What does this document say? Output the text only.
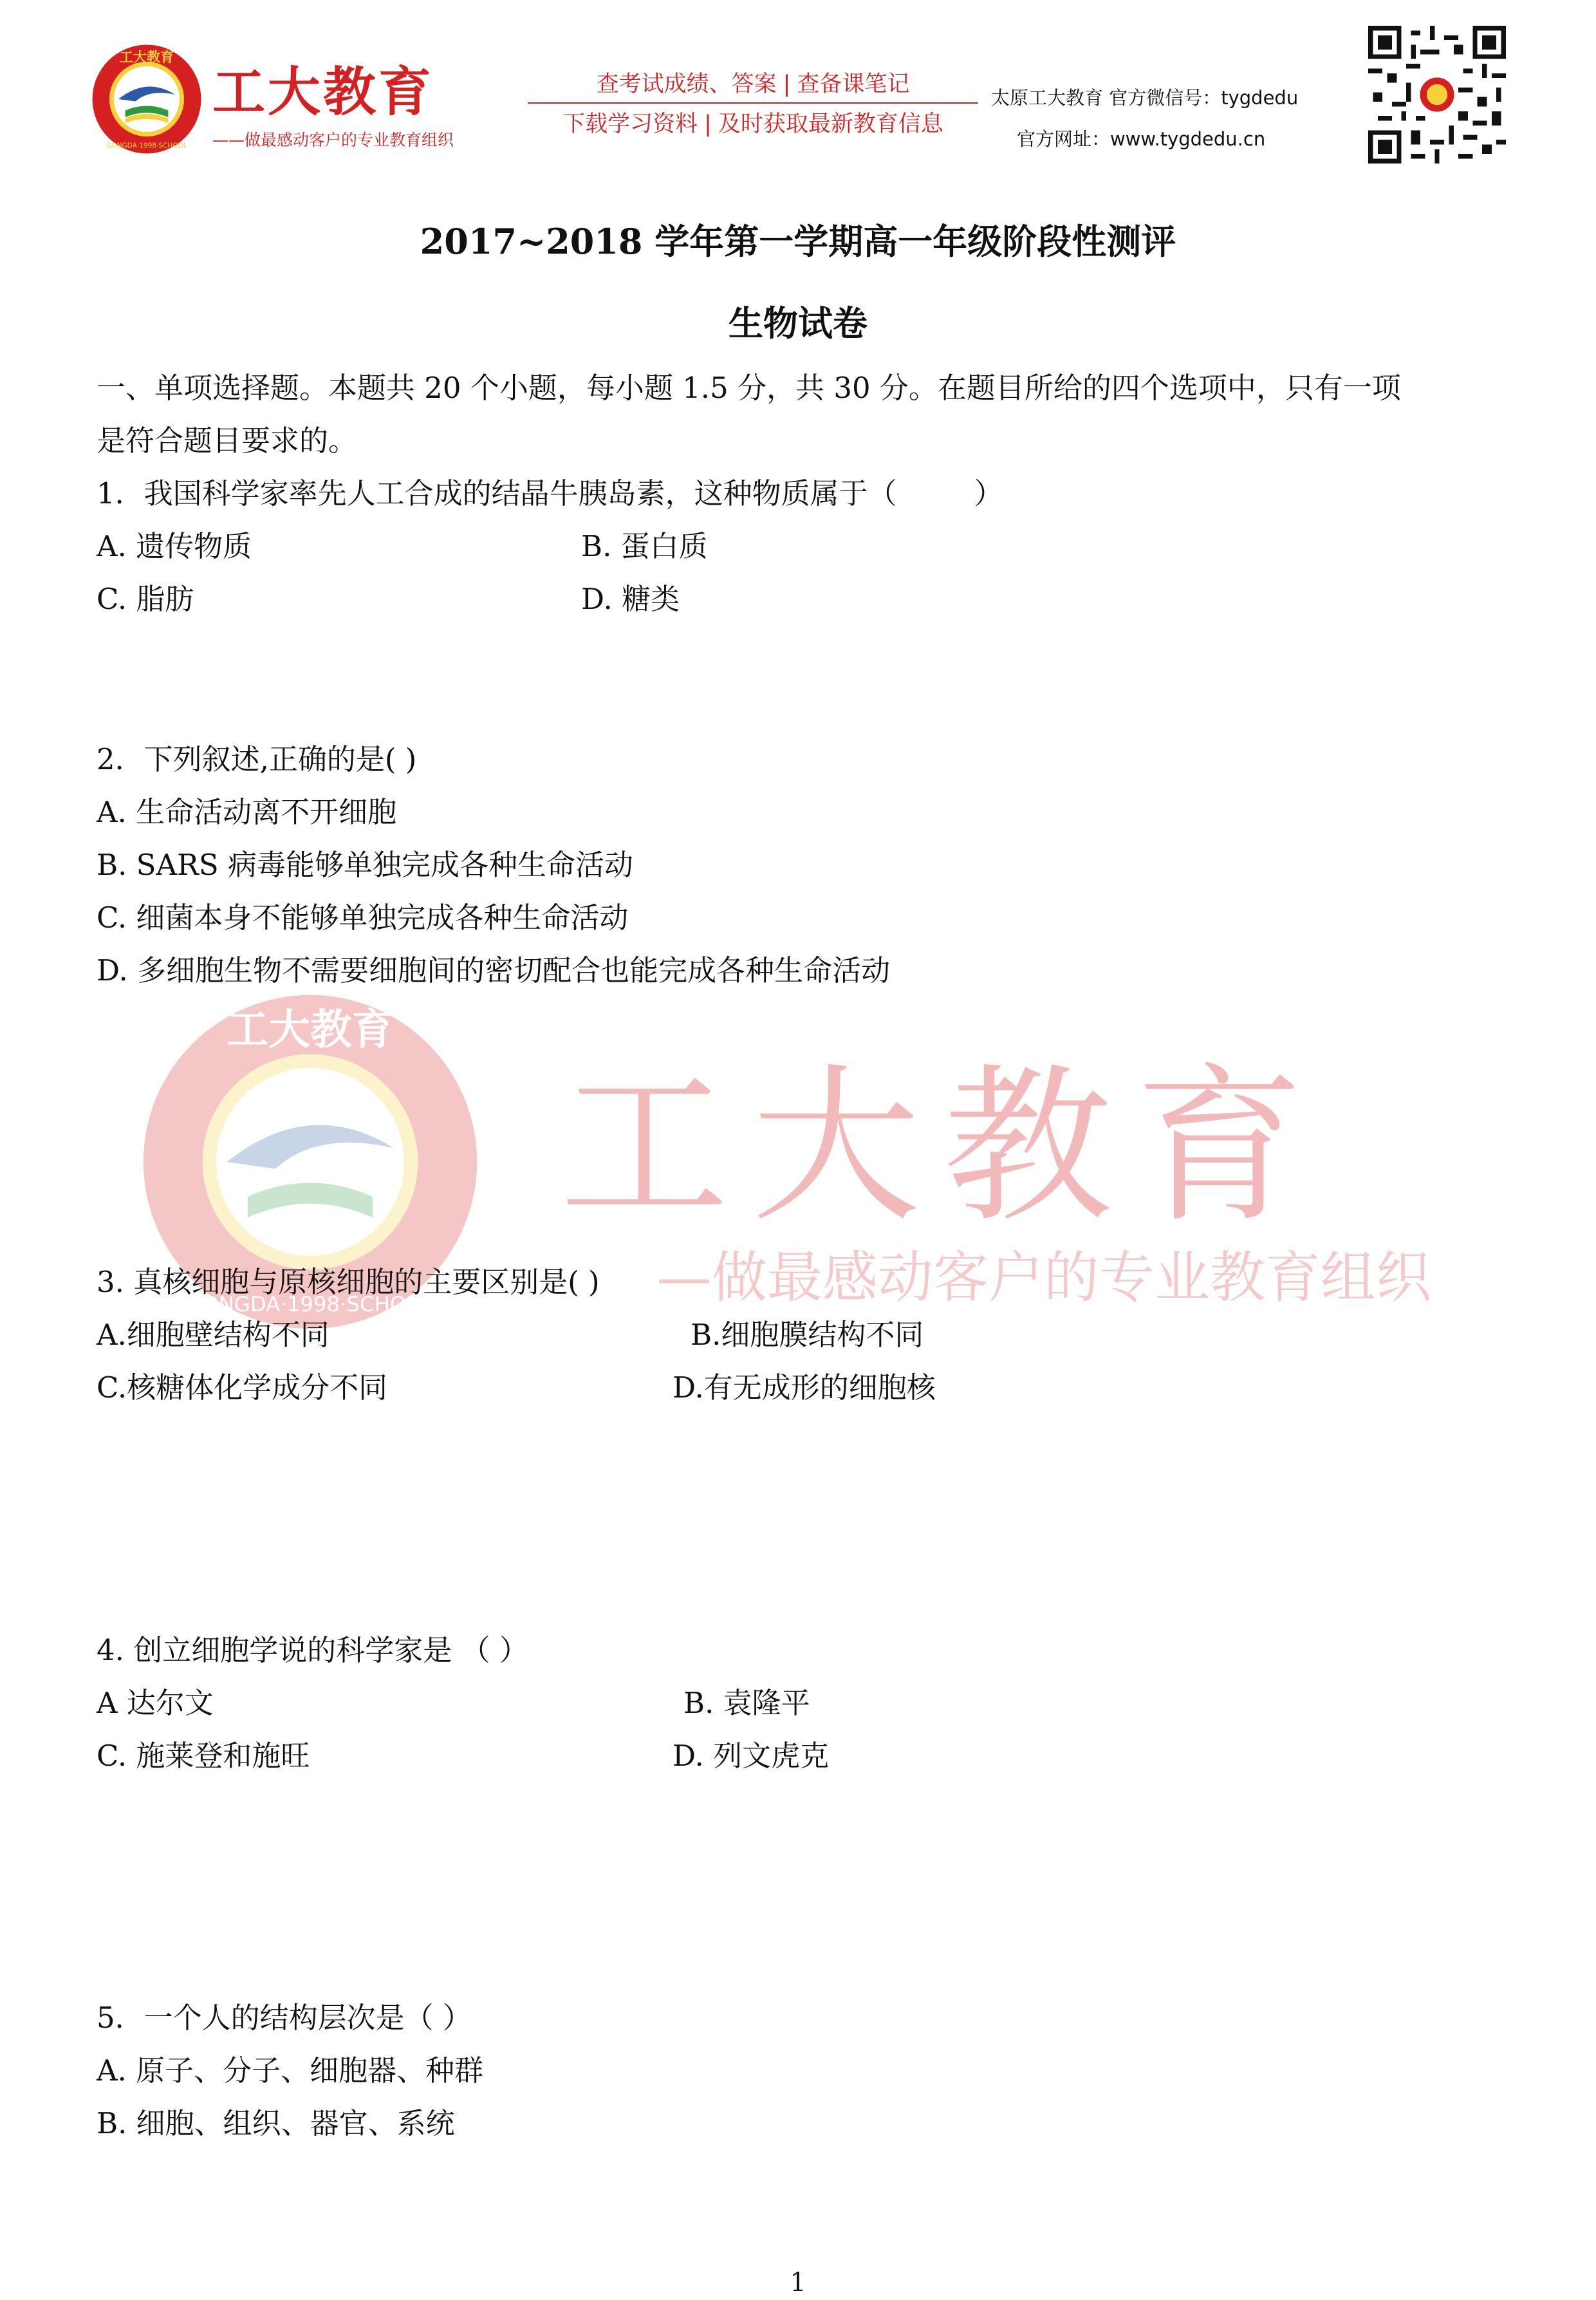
工大教育
GONGDA·1998·SCHOOL
工大教育
——做最感动客户的专业教育组织
查考试成绩、答案 | 查备课笔记
下载学习资料 | 及时获取最新教育信息
太原工大教育 官方微信号：tygdedu
官方网址：www.tygdedu.cn
工大教育
GONGDA·1998·SCHOOL
工大教育
—做最感动客户的专业教育组织
2017~2018 学年第一学期高一年级阶段性测评
生物试卷
一、单项选择题。本题共 20 个小题，每小题 1.5 分，共 30 分。在题目所给的四个选项中，只有一项
是符合题目要求的。
1．我国科学家率先人工合成的结晶牛胰岛素，这种物质属于（	）
A. 遗传物质	B. 蛋白质
C. 脂肪	D. 糖类
2．下列叙述,正确的是( )
A. 生命活动离不开细胞
B. SARS 病毒能够单独完成各种生命活动
C. 细菌本身不能够单独完成各种生命活动
D. 多细胞生物不需要细胞间的密切配合也能完成各种生命活动
3. 真核细胞与原核细胞的主要区别是( )
A.细胞壁结构不同	B.细胞膜结构不同
C.核糖体化学成分不同	D.有无成形的细胞核
4. 创立细胞学说的科学家是 （ ）
A 达尔文	B. 袁隆平
C. 施莱登和施旺	D. 列文虎克
5．一个人的结构层次是（ ）
A. 原子、分子、细胞器、种群
B. 细胞、组织、器官、系统
1
